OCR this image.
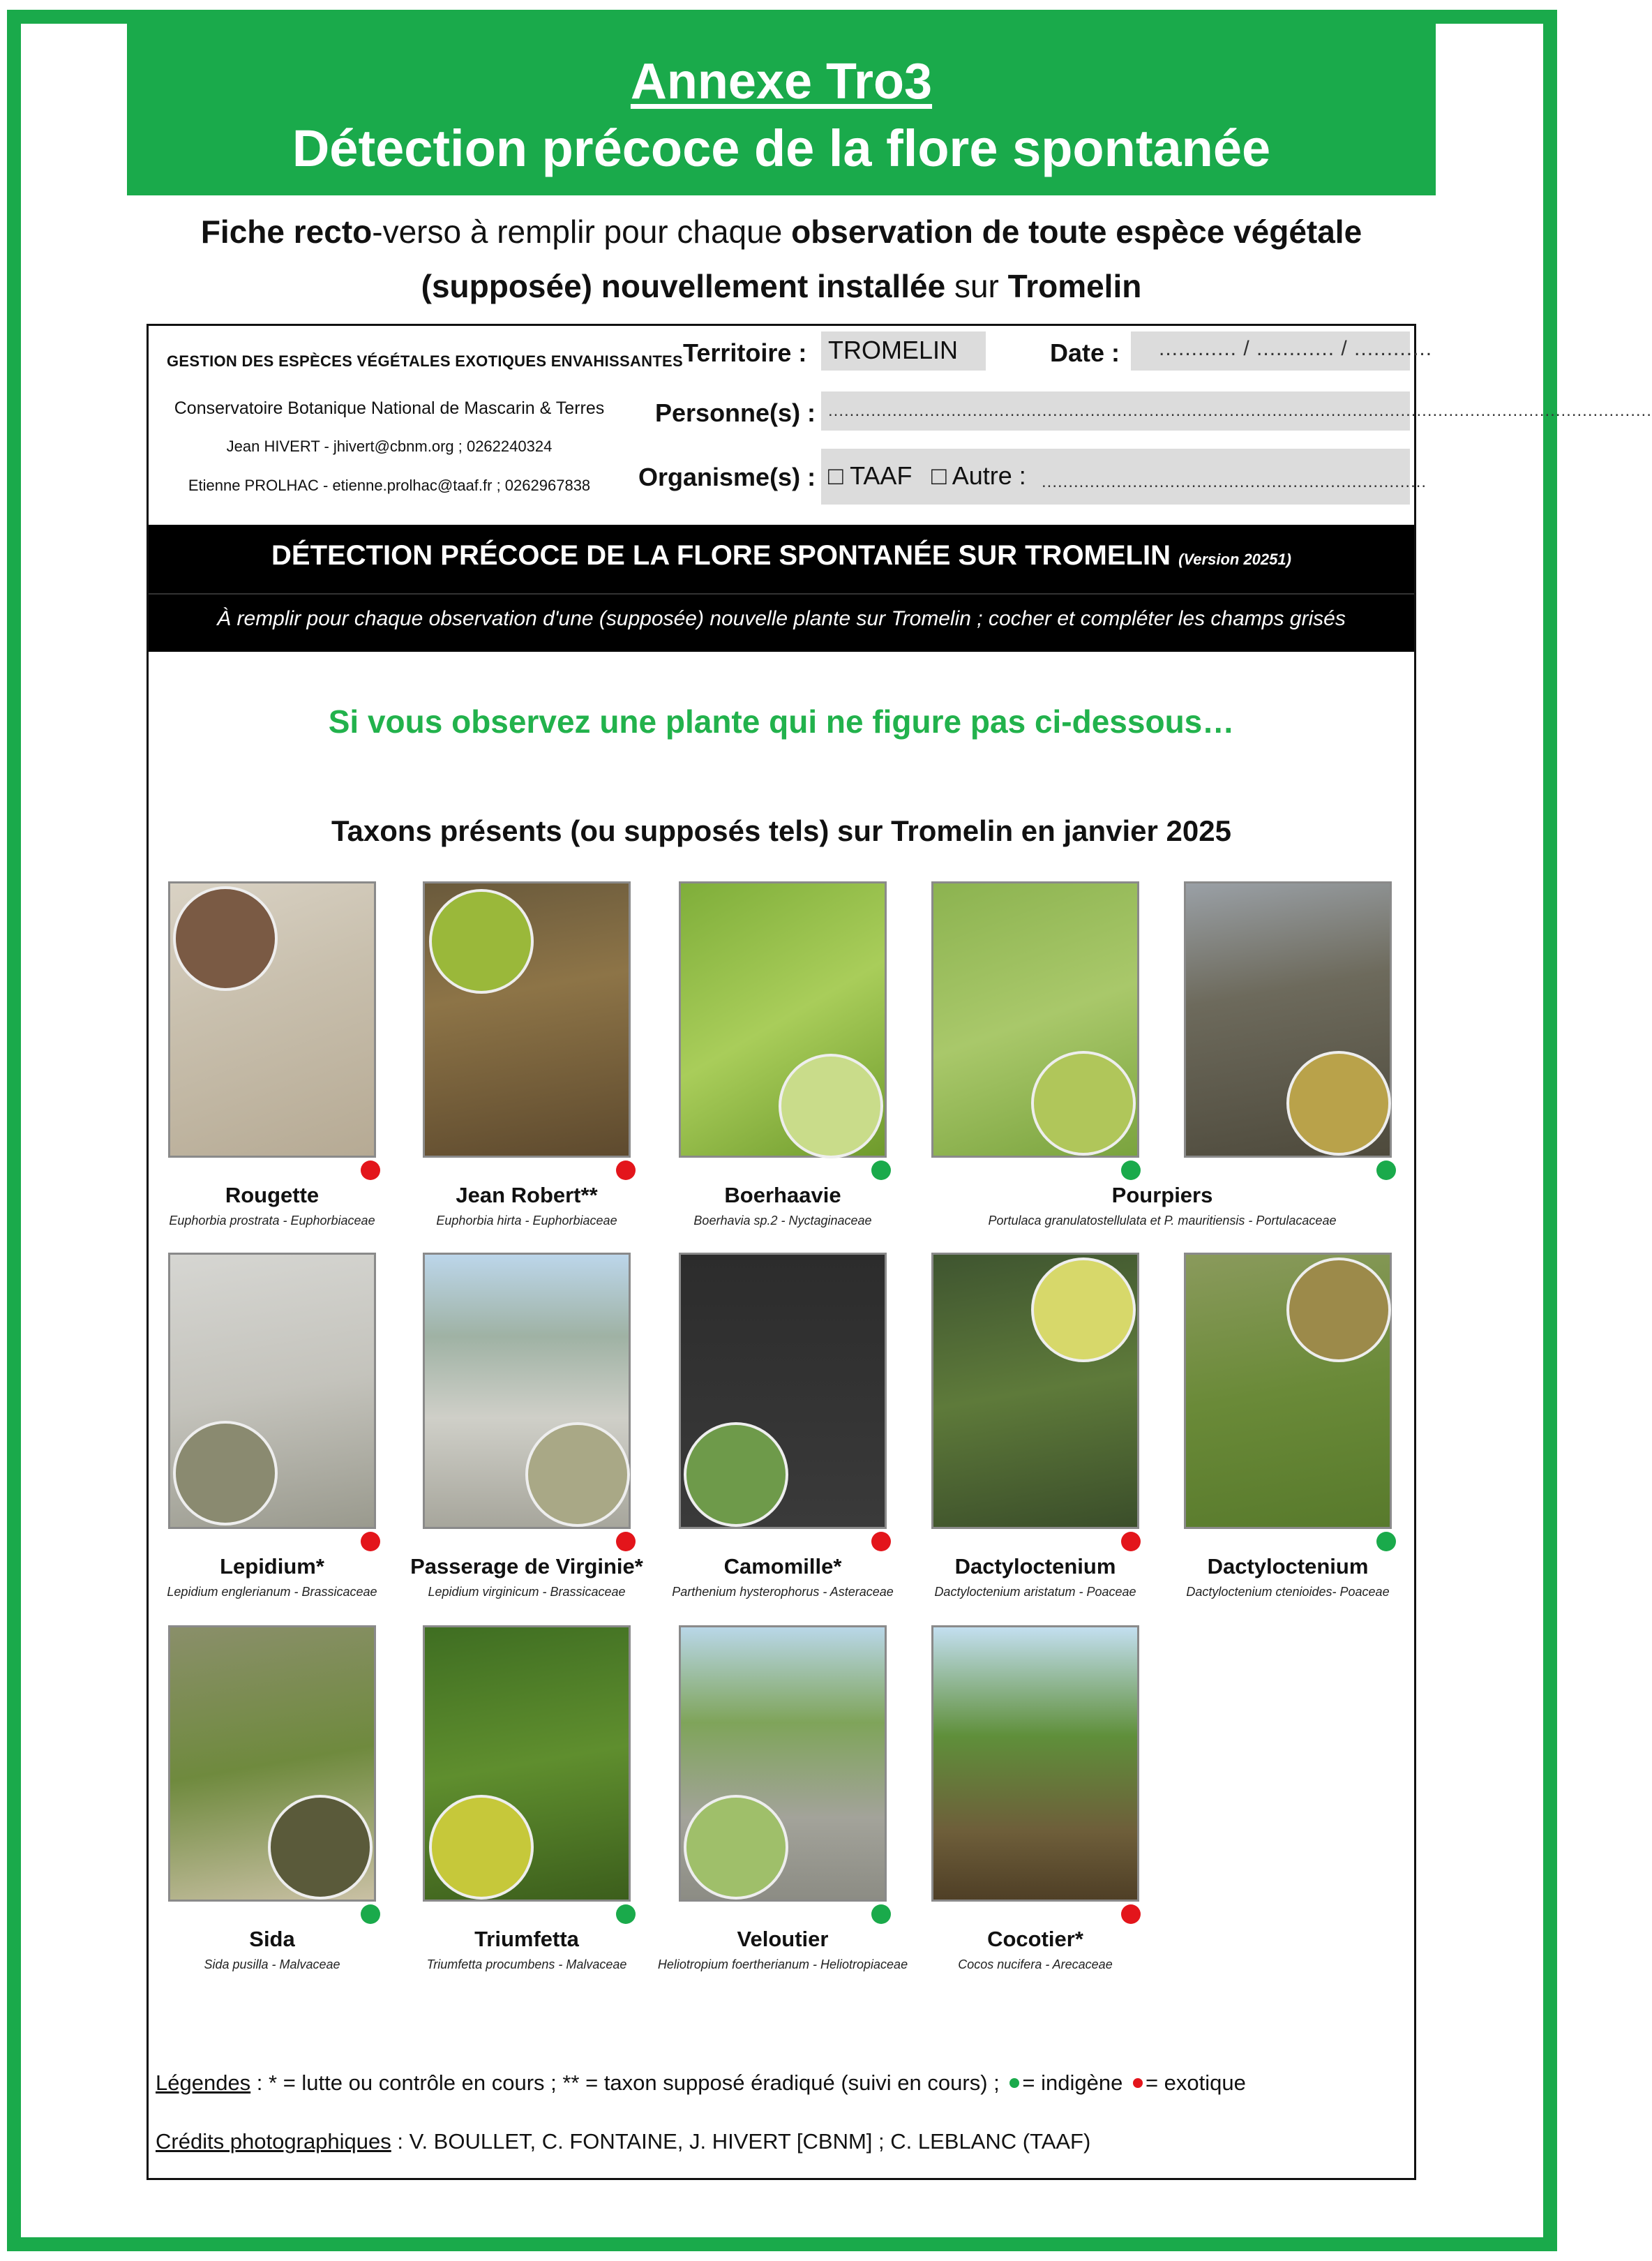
Annexe Tro3
Détection précoce de la flore spontanée
Fiche recto-verso à remplir pour chaque observation de toute espèce végétale
(supposée) nouvellement installée sur Tromelin
GESTION DES ESPÈCES VÉGÉTALES EXOTIQUES ENVAHISSANTES
Conservatoire Botanique National de Mascarin & Terres
Jean HIVERT - jhivert@cbnm.org ; 0262240324
Etienne PROLHAC - etienne.prolhac@taaf.fr ; 0262967838
Territoire : TROMELIN	Date : ............ / ............ / ............
Personne(s) : ..........................................................................................................................................................
Organisme(s) : □ TAAF □ Autre : ........................................................................
DÉTECTION PRÉCOCE DE LA FLORE SPONTANÉE SUR TROMELIN (Version 20251)
À remplir pour chaque observation d'une (supposée) nouvelle plante sur Tromelin ; cocher et compléter les champs grisés
Si vous observez une plante qui ne figure pas ci-dessous…
Taxons présents (ou supposés tels) sur Tromelin en janvier 2025
Rougette
Euphorbia prostrata - Euphorbiaceae
Jean Robert**
Euphorbia hirta - Euphorbiaceae
Boerhaavie
Boerhavia sp.2 - Nyctaginaceae
Pourpiers
Portulaca granulatostellulata et P. mauritiensis - Portulacaceae
Lepidium*
Lepidium englerianum - Brassicaceae
Passerage de Virginie*
Lepidium virginicum - Brassicaceae
Camomille*
Parthenium hysterophorus - Asteraceae
Dactyloctenium
Dactyloctenium aristatum - Poaceae
Dactyloctenium
Dactyloctenium ctenioides- Poaceae
Sida
Sida pusilla - Malvaceae
Triumfetta
Triumfetta procumbens - Malvaceae
Veloutier
Heliotropium foertherianum - Heliotropiaceae
Cocotier*
Cocos nucifera - Arecaceae
Légendes : * = lutte ou contrôle en cours ; ** = taxon supposé éradiqué (suivi en cours) ; = indigène = exotique
Crédits photographiques : V. BOULLET, C. FONTAINE, J. HIVERT [CBNM] ; C. LEBLANC (TAAF)
